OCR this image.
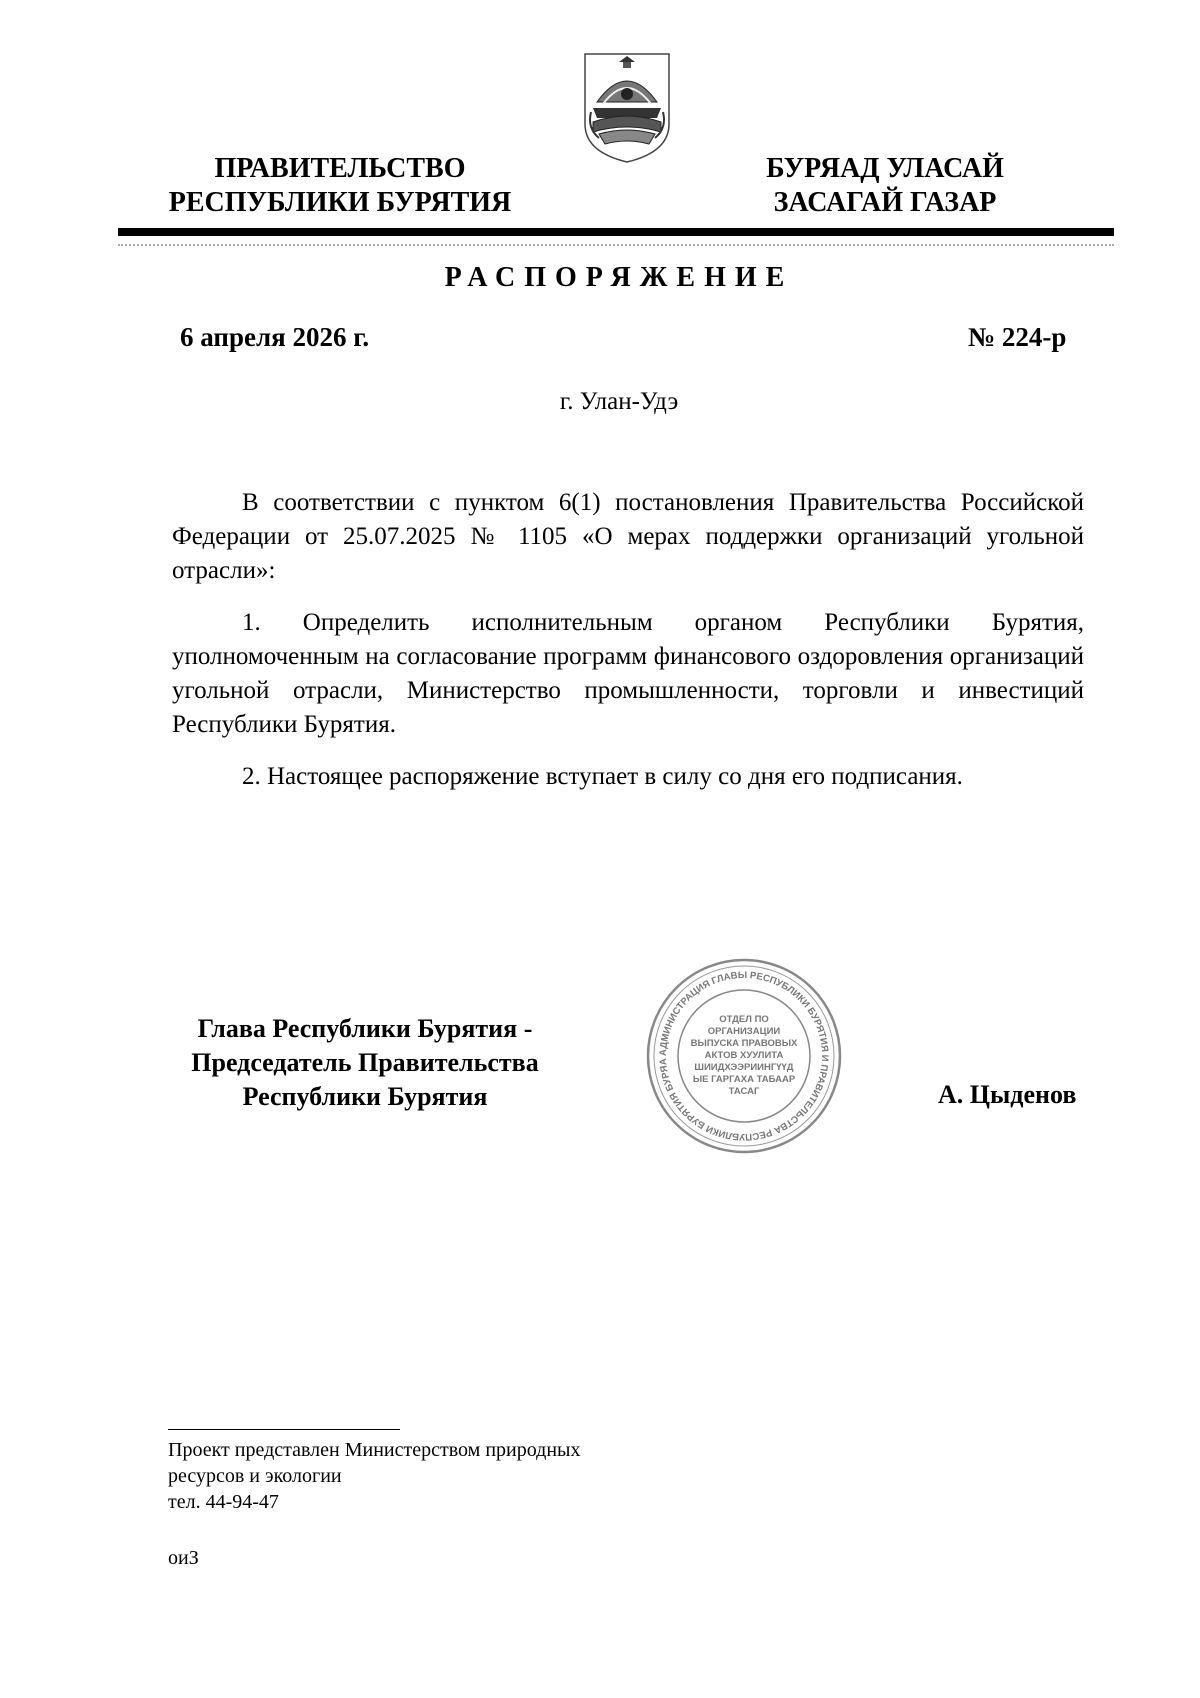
ПРАВИТЕЛЬСТВО
РЕСПУБЛИКИ БУРЯТИЯ
БУРЯАД УЛАСАЙ
ЗАСАГАЙ ГАЗАР
РАСПОРЯЖЕНИЕ
6 апреля 2026 г.	№ 224-р
г. Улан-Удэ

В соответствии с пунктом 6(1) постановления Правительства Российской Федерации от 25.07.2025 № 1105 «О мерах поддержки организаций угольной отрасли»:

1. Определить исполнительным органом Республики Бурятия, уполномоченным на согласование программ финансового оздоровления организаций угольной отрасли, Министерство промышленности, торговли и инвестиций Республики Бурятия.

2. Настоящее распоряжение вступает в силу со дня его подписания.

Глава Республики Бурятия -
Председатель Правительства
Республики Бурятия	А. Цыденов
АДМИНИСТРАЦИЯ ГЛАВЫ РЕСПУБЛИКИ БУРЯТИЯ И ПРАВИТЕЛЬСТВА РЕСПУБЛИКИ БУРЯТИЯ БУРЯА
ОТДЕЛ ПО ОРГАНИЗАЦИИ ВЫПУСКА ПРАВОВЫХ АКТОВ ХУУЛИТА ШИИДХЭЭРИИНГҮҮДЫЕ ГАРГАХА ТАБААР ТАСАГ
Проект представлен Министерством природных
ресурсов и экологии
тел. 44-94-47
оиЗ
